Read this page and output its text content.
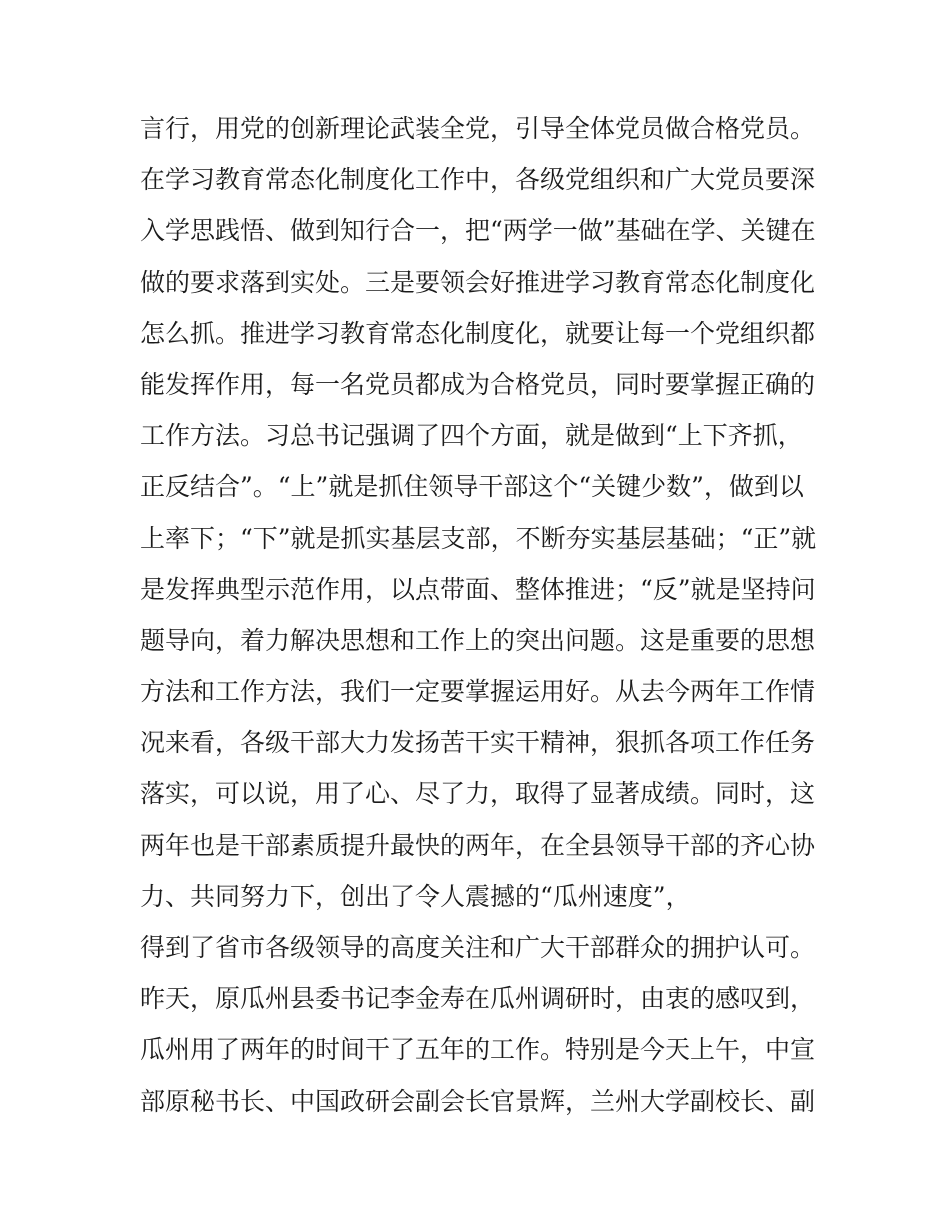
言行，用党的创新理论武装全党，引导全体党员做合格党员。
在学习教育常态化制度化工作中，各级党组织和广大党员要深
入学思践悟、做到知行合一，把“两学一做”基础在学、关键在
做的要求落到实处。三是要领会好推进学习教育常态化制度化
怎么抓。推进学习教育常态化制度化，就要让每一个党组织都
能发挥作用，每一名党员都成为合格党员，同时要掌握正确的
工作方法。习总书记强调了四个方面，就是做到“上下齐抓，
正反结合”。“上”就是抓住领导干部这个“关键少数”，做到以
上率下；“下”就是抓实基层支部，不断夯实基层基础；“正”就
是发挥典型示范作用，以点带面、整体推进；“反”就是坚持问
题导向，着力解决思想和工作上的突出问题。这是重要的思想
方法和工作方法，我们一定要掌握运用好。从去今两年工作情
况来看，各级干部大力发扬苦干实干精神，狠抓各项工作任务
落实，可以说，用了心、尽了力，取得了显著成绩。同时，这
两年也是干部素质提升最快的两年，在全县领导干部的齐心协
力、共同努力下，创出了令人震撼的“瓜州速度”，
得到了省市各级领导的高度关注和广大干部群众的拥护认可。
昨天，原瓜州县委书记李金寿在瓜州调研时，由衷的感叹到，
瓜州用了两年的时间干了五年的工作。特别是今天上午，中宣
部原秘书长、中国政研会副会长官景辉，兰州大学副校长、副
